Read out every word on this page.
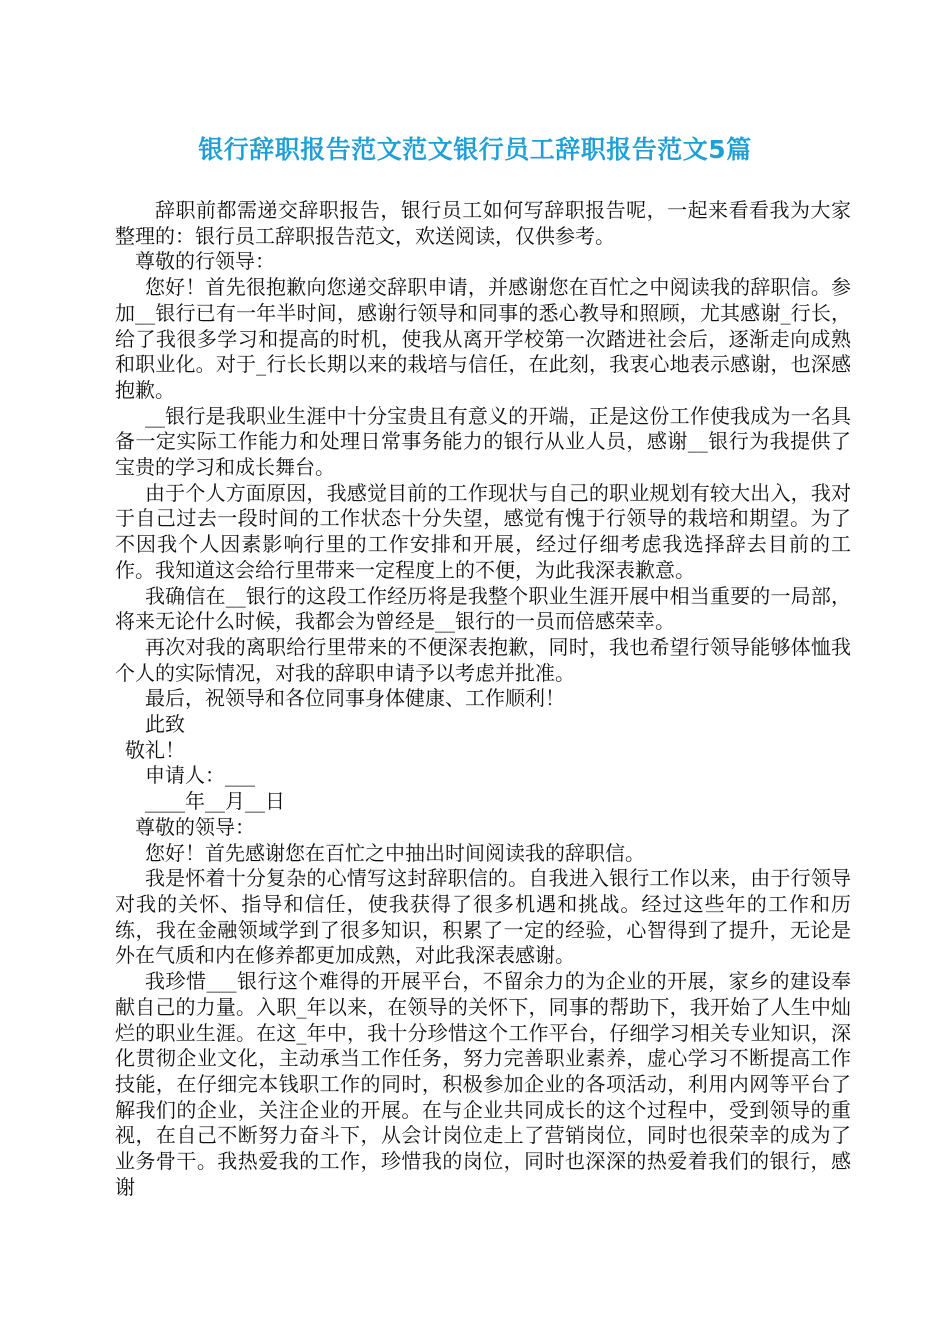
银行辞职报告范文范文银行员工辞职报告范文5篇

辞职前都需递交辞职报告，银行员工如何写辞职报告呢，一起来看看我为大家整理的：银行员工辞职报告范文，欢送阅读，仅供参考。

尊敬的行领导：

您好！首先很抱歉向您递交辞职申请，并感谢您在百忙之中阅读我的辞职信。参加__银行已有一年半时间，感谢行领导和同事的悉心教导和照顾，尤其感谢_行长，给了我很多学习和提高的时机，使我从离开学校第一次踏进社会后，逐渐走向成熟和职业化。对于_行长长期以来的栽培与信任，在此刻，我衷心地表示感谢，也深感抱歉。

__银行是我职业生涯中十分宝贵且有意义的开端，正是这份工作使我成为一名具备一定实际工作能力和处理日常事务能力的银行从业人员，感谢__银行为我提供了宝贵的学习和成长舞台。

由于个人方面原因，我感觉目前的工作现状与自己的职业规划有较大出入，我对于自己过去一段时间的工作状态十分失望，感觉有愧于行领导的栽培和期望。为了不因我个人因素影响行里的工作安排和开展，经过仔细考虑我选择辞去目前的工作。我知道这会给行里带来一定程度上的不便，为此我深表歉意。

我确信在__银行的这段工作经历将是我整个职业生涯开展中相当重要的一局部，将来无论什么时候，我都会为曾经是__银行的一员而倍感荣幸。

再次对我的离职给行里带来的不便深表抱歉，同时，我也希望行领导能够体恤我个人的实际情况，对我的辞职申请予以考虑并批准。

最后，祝领导和各位同事身体健康、工作顺利！

此致

敬礼！

申请人：___

____年__月__日

尊敬的领导：

您好！首先感谢您在百忙之中抽出时间阅读我的辞职信。

我是怀着十分复杂的心情写这封辞职信的。自我进入银行工作以来，由于行领导对我的关怀、指导和信任，使我获得了很多机遇和挑战。经过这些年的工作和历练，我在金融领域学到了很多知识，积累了一定的经验，心智得到了提升，无论是外在气质和内在修养都更加成熟，对此我深表感谢。

我珍惜___银行这个难得的开展平台，不留余力的为企业的开展，家乡的建设奉献自己的力量。入职_年以来，在领导的关怀下，同事的帮助下，我开始了人生中灿烂的职业生涯。在这_年中，我十分珍惜这个工作平台，仔细学习相关专业知识，深化贯彻企业文化，主动承当工作任务，努力完善职业素养，虚心学习不断提高工作技能，在仔细完本钱职工作的同时，积极参加企业的各项活动，利用内网等平台了解我们的企业，关注企业的开展。在与企业共同成长的这个过程中，受到领导的重视，在自己不断努力奋斗下，从会计岗位走上了营销岗位，同时也很荣幸的成为了业务骨干。我热爱我的工作，珍惜我的岗位，同时也深深的热爱着我们的银行，感谢
